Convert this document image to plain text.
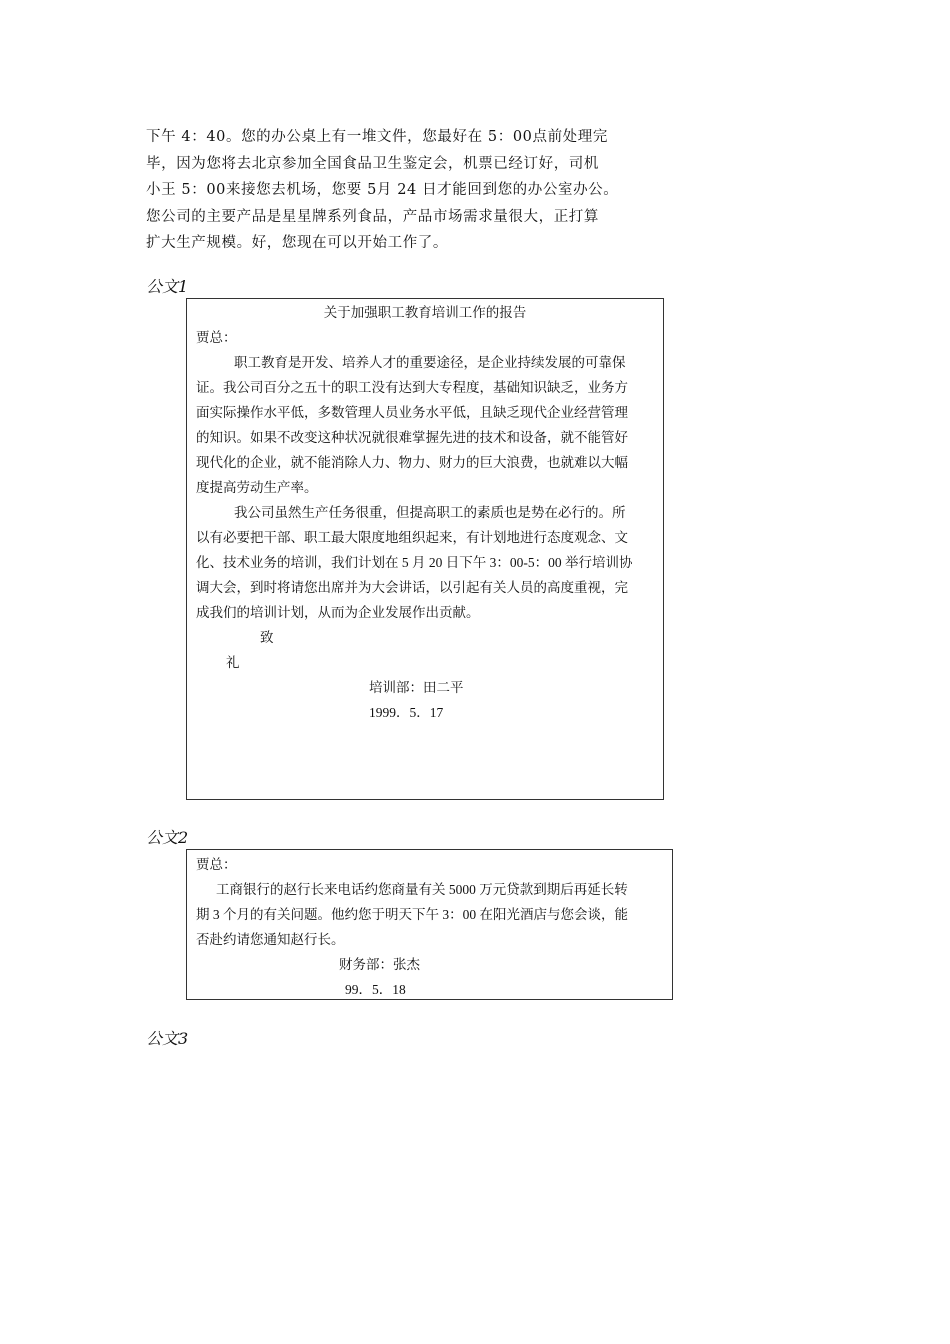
下午 4：40。您的办公桌上有一堆文件，您最好在 5：00点前处理完
毕，因为您将去北京参加全国食品卫生鉴定会，机票已经订好，司机
小王 5：00来接您去机场，您要 5月 24 日才能回到您的办公室办公。
您公司的主要产品是星星牌系列食品，产品市场需求量很大，正打算
扩大生产规模。好，您现在可以开始工作了。
公文1
关于加强职工教育培训工作的报告
贾总：
职工教育是开发、培养人才的重要途径，是企业持续发展的可靠保
证。我公司百分之五十的职工没有达到大专程度，基础知识缺乏，业务方
面实际操作水平低，多数管理人员业务水平低，且缺乏现代企业经营管理
的知识。如果不改变这种状况就很难掌握先进的技术和设备，就不能管好
现代化的企业，就不能消除人力、物力、财力的巨大浪费，也就难以大幅
度提高劳动生产率。
我公司虽然生产任务很重，但提高职工的素质也是势在必行的。所
以有必要把干部、职工最大限度地组织起来，有计划地进行态度观念、文
化、技术业务的培训，我们计划在 5 月 20 日下午 3：00-5：00 举行培训协
调大会，到时将请您出席并为大会讲话，以引起有关人员的高度重视，完
成我们的培训计划，从而为企业发展作出贡献。
致
礼
培训部：田二平
1999．5．17
公文2
贾总：
工商银行的赵行长来电话约您商量有关 5000 万元贷款到期后再延长转
期 3 个月的有关问题。他约您于明天下午 3：00 在阳光酒店与您会谈，能
否赴约请您通知赵行长。
财务部：张杰
99．5．18
公文3
